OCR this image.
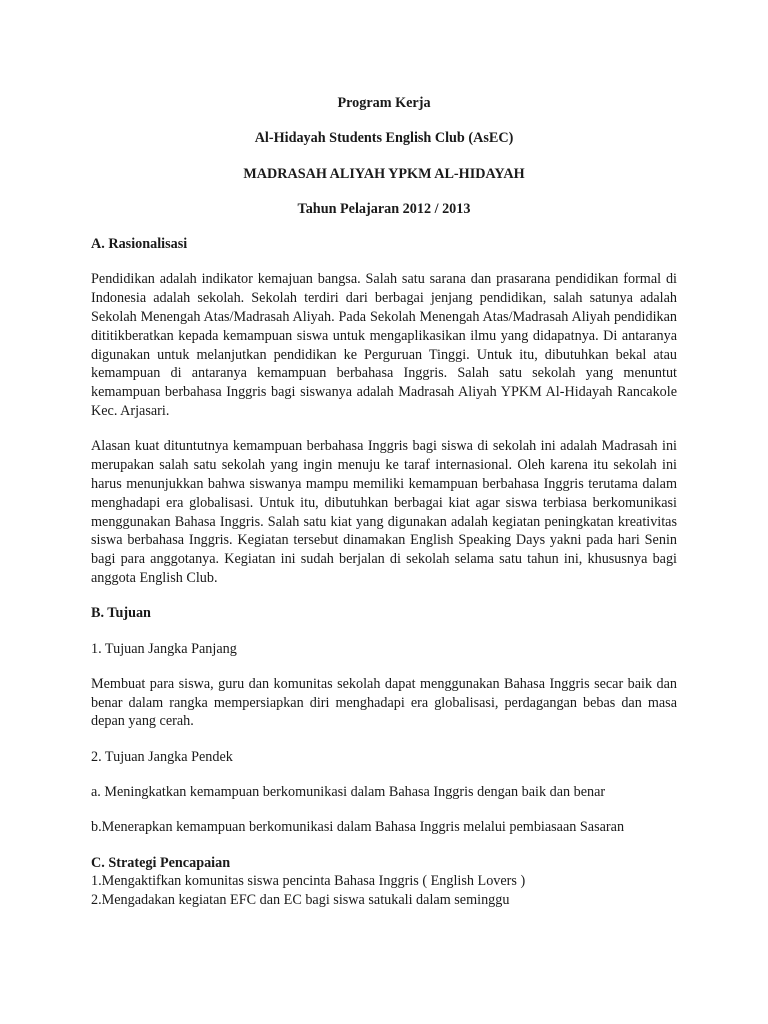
Program Kerja

Al-Hidayah Students English Club (AsEC)

MADRASAH ALIYAH YPKM AL-HIDAYAH

Tahun Pelajaran 2012 / 2013

A. Rasionalisasi

Pendidikan adalah indikator kemajuan bangsa. Salah satu sarana dan prasarana pendidikan formal di Indonesia adalah sekolah. Sekolah terdiri dari berbagai jenjang pendidikan, salah satunya adalah Sekolah Menengah Atas/Madrasah Aliyah. Pada Sekolah Menengah Atas/Madrasah Aliyah pendidikan dititikberatkan kepada kemampuan siswa untuk mengaplikasikan ilmu yang didapatnya. Di antaranya digunakan untuk melanjutkan pendidikan ke Perguruan Tinggi. Untuk itu, dibutuhkan bekal atau kemampuan di antaranya kemampuan berbahasa Inggris. Salah satu sekolah yang menuntut kemampuan berbahasa Inggris bagi siswanya adalah Madrasah Aliyah YPKM Al-Hidayah Rancakole Kec. Arjasari.

Alasan kuat dituntutnya kemampuan berbahasa Inggris bagi siswa di sekolah ini adalah Madrasah ini merupakan salah satu sekolah yang ingin menuju ke taraf internasional. Oleh karena itu sekolah ini harus menunjukkan bahwa siswanya mampu memiliki kemampuan berbahasa Inggris terutama dalam menghadapi era globalisasi. Untuk itu, dibutuhkan berbagai kiat agar siswa terbiasa berkomunikasi menggunakan Bahasa Inggris. Salah satu kiat yang digunakan adalah kegiatan peningkatan kreativitas siswa berbahasa Inggris. Kegiatan tersebut dinamakan English Speaking Days yakni pada hari Senin bagi para anggotanya. Kegiatan ini sudah berjalan di sekolah selama satu tahun ini, khususnya bagi anggota English Club.

B. Tujuan

1. Tujuan Jangka Panjang

Membuat para siswa, guru dan komunitas sekolah dapat menggunakan Bahasa Inggris secar baik dan benar dalam rangka mempersiapkan diri menghadapi era globalisasi, perdagangan bebas dan masa depan yang cerah.

2. Tujuan Jangka Pendek

a. Meningkatkan kemampuan berkomunikasi dalam Bahasa Inggris dengan baik dan benar

b.Menerapkan kemampuan berkomunikasi dalam Bahasa Inggris melalui pembiasaan Sasaran

C. Strategi Pencapaian

1.Mengaktifkan komunitas siswa pencinta Bahasa Inggris ( English Lovers )

2.Mengadakan kegiatan EFC dan EC bagi siswa satukali dalam seminggu
